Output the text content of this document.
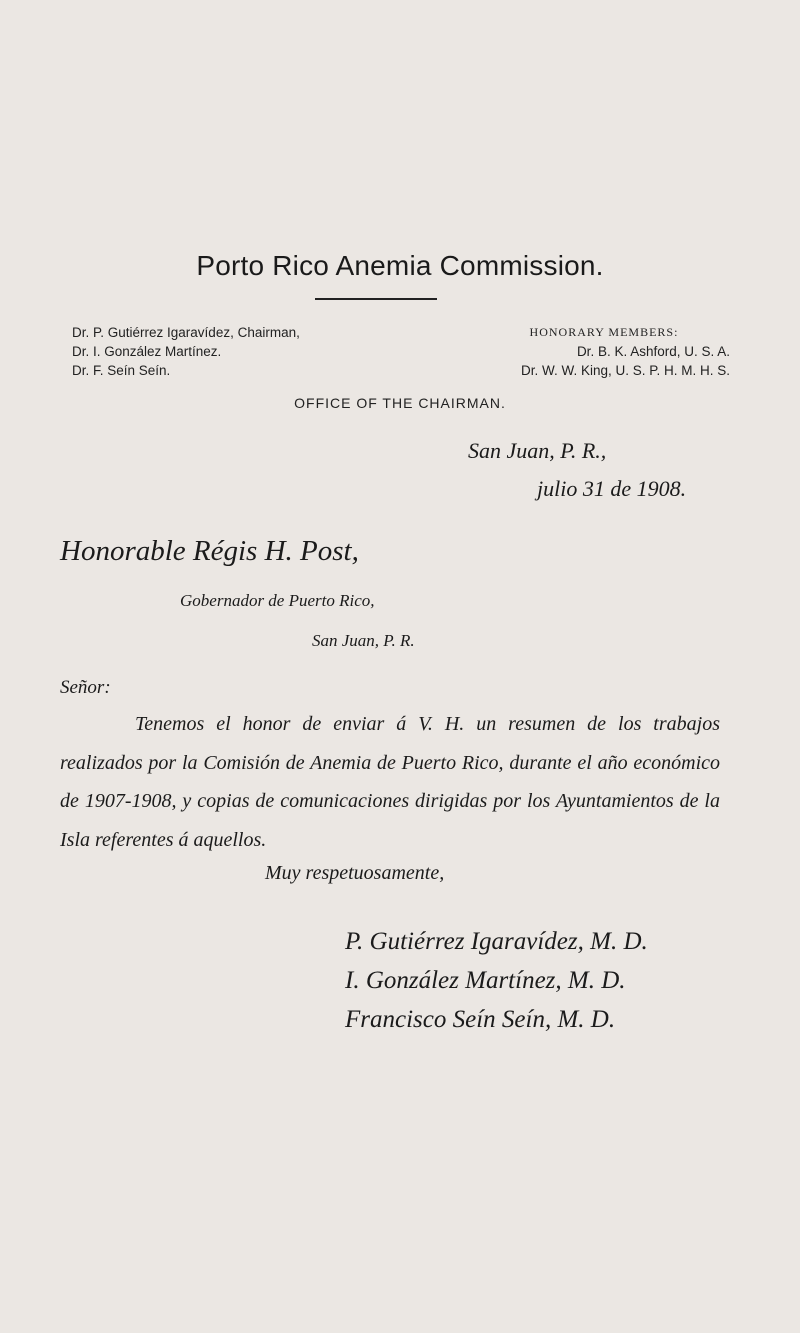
Porto Rico Anemia Commission.
Dr. P. Gutiérrez Igaravídez, Chairman,
Dr. I. González Martínez.
Dr. F. Seín Seín.
HONORARY MEMBERS:
Dr. B. K. Ashford, U. S. A.
Dr. W. W. King, U. S. P. H. M. H. S.
OFFICE OF THE CHAIRMAN.
San Juan, P. R.,
julio 31 de 1908.
Honorable Régis H. Post,
Gobernador de Puerto Rico,
San Juan, P. R.
Señor:
Tenemos el honor de enviar á V. H. un resumen de los trabajos realizados por la Comisión de Anemia de Puerto Rico, durante el año económico de 1907-1908, y copias de comunicaciones dirigidas por los Ayuntamientos de la Isla referentes á aquellos.
Muy respetuosamente,
P. Gutiérrez Igaravídez, M. D.
I. González Martínez, M. D.
Francisco Seín Seín, M. D.
